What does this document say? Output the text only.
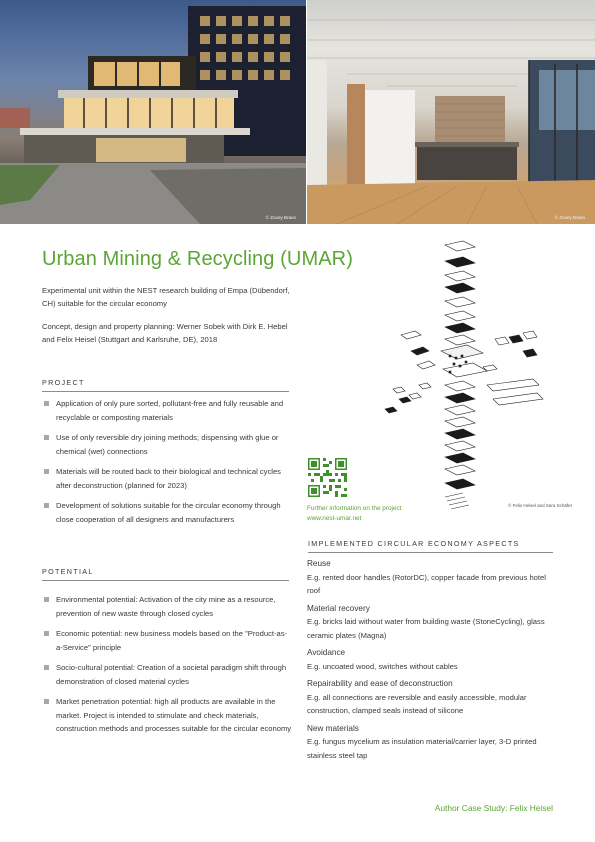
© Zooey Braun	© Zooey Braun
Urban Mining & Recycling (UMAR)

Experimental unit within the NEST research building of Empa (Dübendorf, CH) suitable for the circular economy

Concept, design and property planning: Werner Sobek with Dirk E. Hebel and Felix Heisel (Stuttgart and Karlsruhe, DE), 2018

PROJECT
Application of only pure sorted, pollutant-free and fully reusable and recyclable or composting materials
Use of only reversible dry joining methods; dispensing with glue or chemical (wet) connections
Materials will be routed back to their biological and technical cycles after deconstruction (planned for 2023)
Development of solutions suitable for the circular economy through close cooperation of all designers and manufacturers
POTENTIAL
Environmental potential: Activation of the city mine as a resource, prevention of new waste through closed cycles
Economic potential: new business models based on the "Product-as-a-Service" principle
Socio-cultural potential: Creation of a societal paradigm shift through demonstration of closed material cycles
Market penetration potential: high all products are available in the market. Project is intended to stimulate and check materials, construction methods and processes suitable for the circular economy
© Felix Heisel and Sara Schäfer
Further information on the project
www.nest-umar.net
IMPLEMENTED CIRCULAR ECONOMY ASPECTS
Reuse
E.g. rented door handles (RotorDC), copper facade from previous hotel roof
Material recovery
E.g. bricks laid without water from building waste (StoneCycling), glass ceramic plates (Magna)
Avoidance
E.g. uncoated wood, switches without cables
Repairability and ease of deconstruction
E.g. all connections are reversible and easily accessible, modular construction, clamped seals instead of silicone
New materials
E.g. fungus mycelium as insulation material/carrier layer, 3-D printed stainless steel tap
Author Case Study: Felix Heisel
